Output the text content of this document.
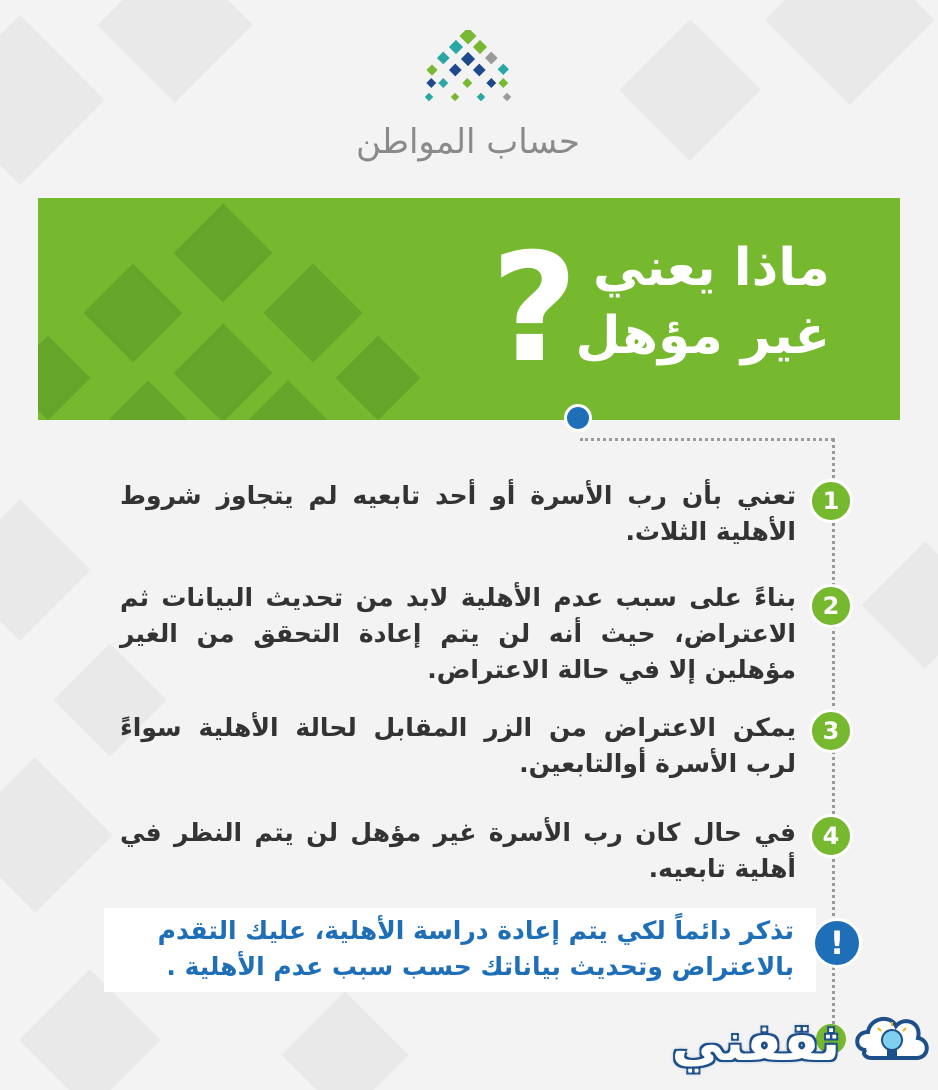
حساب المواطن
ماذا يعني
غير مؤهل
؟
1
تعني بأن رب الأسرة أو أحد تابعيه لم يتجاوز شروط الأهلية الثلاث.
2
بناءً على سبب عدم الأهلية لابد من تحديث البيانات ثم الاعتراض، حيث أنه لن يتم إعادة التحقق من الغير مؤهلين إلا في حالة الاعتراض.
3
يمكن الاعتراض من الزر المقابل لحالة الأهلية سواءً لرب الأسرة أوالتابعين.
4
في حال كان رب الأسرة غير مؤهل لن يتم النظر في أهلية تابعيه.
تذكر دائماً لكي يتم إعادة دراسة الأهلية، عليك التقدم بالاعتراض وتحديث بياناتك حسب سبب عدم الأهلية .
!
ثقفني
